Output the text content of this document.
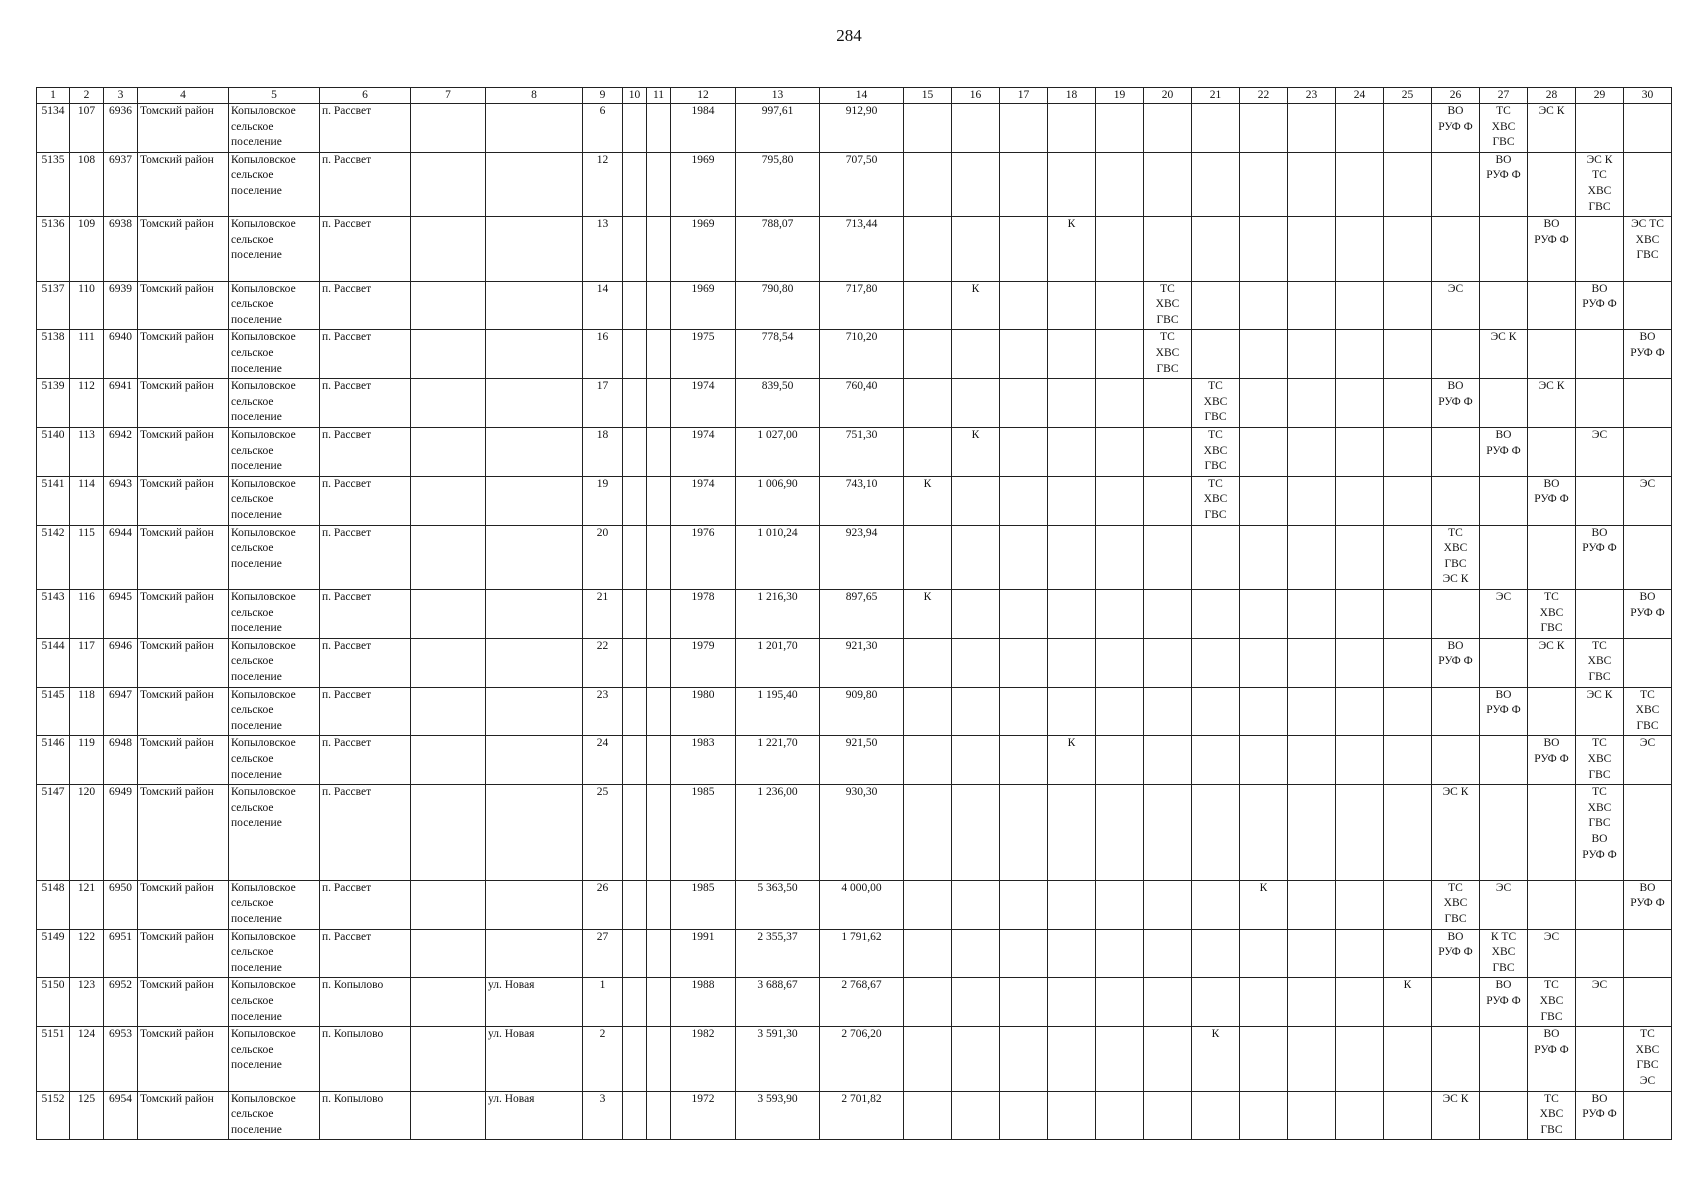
284
1	2	3	4	5	6	7	8	9	10	11	12	13	14	15	16	17	18	19	20	21	22	23	24	25	26	27	28	29	30
5134	107	6936	Томский район	Копыловское
сельское
поселение	п. Рассвет			6			1984	997,61	912,90												ВО
РУФ Ф	ТС
ХВС
ГВС	ЭС К		
5135	108	6937	Томский район	Копыловское
сельское
поселение	п. Рассвет			12			1969	795,80	707,50													ВО
РУФ Ф		ЭС К
ТС
ХВС
ГВС	
5136	109	6938	Томский район	Копыловское
сельское
поселение	п. Рассвет			13			1969	788,07	713,44				К										ВО
РУФ Ф		ЭС ТС
ХВС
ГВС
5137	110	6939	Томский район	Копыловское
сельское
поселение	п. Рассвет			14			1969	790,80	717,80		К				ТС
ХВС
ГВС						ЭС			ВО
РУФ Ф	
5138	111	6940	Томский район	Копыловское
сельское
поселение	п. Рассвет			16			1975	778,54	710,20						ТС
ХВС
ГВС							ЭС К			ВО
РУФ Ф
5139	112	6941	Томский район	Копыловское
сельское
поселение	п. Рассвет			17			1974	839,50	760,40							ТС
ХВС
ГВС					ВО
РУФ Ф		ЭС К		
5140	113	6942	Томский район	Копыловское
сельское
поселение	п. Рассвет			18			1974	1 027,00	751,30		К					ТС
ХВС
ГВС						ВО
РУФ Ф		ЭС	
5141	114	6943	Томский район	Копыловское
сельское
поселение	п. Рассвет			19			1974	1 006,90	743,10	К						ТС
ХВС
ГВС							ВО
РУФ Ф		ЭС
5142	115	6944	Томский район	Копыловское
сельское
поселение	п. Рассвет			20			1976	1 010,24	923,94												ТС
ХВС
ГВС
ЭС К			ВО
РУФ Ф	
5143	116	6945	Томский район	Копыловское
сельское
поселение	п. Рассвет			21			1978	1 216,30	897,65	К												ЭС	ТС
ХВС
ГВС		ВО
РУФ Ф
5144	117	6946	Томский район	Копыловское
сельское
поселение	п. Рассвет			22			1979	1 201,70	921,30												ВО
РУФ Ф		ЭС К	ТС
ХВС
ГВС	
5145	118	6947	Томский район	Копыловское
сельское
поселение	п. Рассвет			23			1980	1 195,40	909,80													ВО
РУФ Ф		ЭС К	ТС
ХВС
ГВС
5146	119	6948	Томский район	Копыловское
сельское
поселение	п. Рассвет			24			1983	1 221,70	921,50				К										ВО
РУФ Ф	ТС
ХВС
ГВС	ЭС
5147	120	6949	Томский район	Копыловское
сельское
поселение	п. Рассвет			25			1985	1 236,00	930,30												ЭС К			ТС
ХВС
ГВС
ВО
РУФ Ф	
5148	121	6950	Томский район	Копыловское
сельское
поселение	п. Рассвет			26			1985	5 363,50	4 000,00								К				ТС
ХВС
ГВС	ЭС			ВО
РУФ Ф
5149	122	6951	Томский район	Копыловское
сельское
поселение	п. Рассвет			27			1991	2 355,37	1 791,62												ВО
РУФ Ф	К ТС
ХВС
ГВС	ЭС		
5150	123	6952	Томский район	Копыловское
сельское
поселение	п. Копылово		ул. Новая	1			1988	3 688,67	2 768,67											К		ВО
РУФ Ф	ТС
ХВС
ГВС	ЭС	
5151	124	6953	Томский район	Копыловское
сельское
поселение	п. Копылово		ул. Новая	2			1982	3 591,30	2 706,20							К							ВО
РУФ Ф		ТС
ХВС
ГВС
ЭС
5152	125	6954	Томский район	Копыловское
сельское
поселение	п. Копылово		ул. Новая	3			1972	3 593,90	2 701,82												ЭС К		ТС
ХВС
ГВС	ВО
РУФ Ф	
